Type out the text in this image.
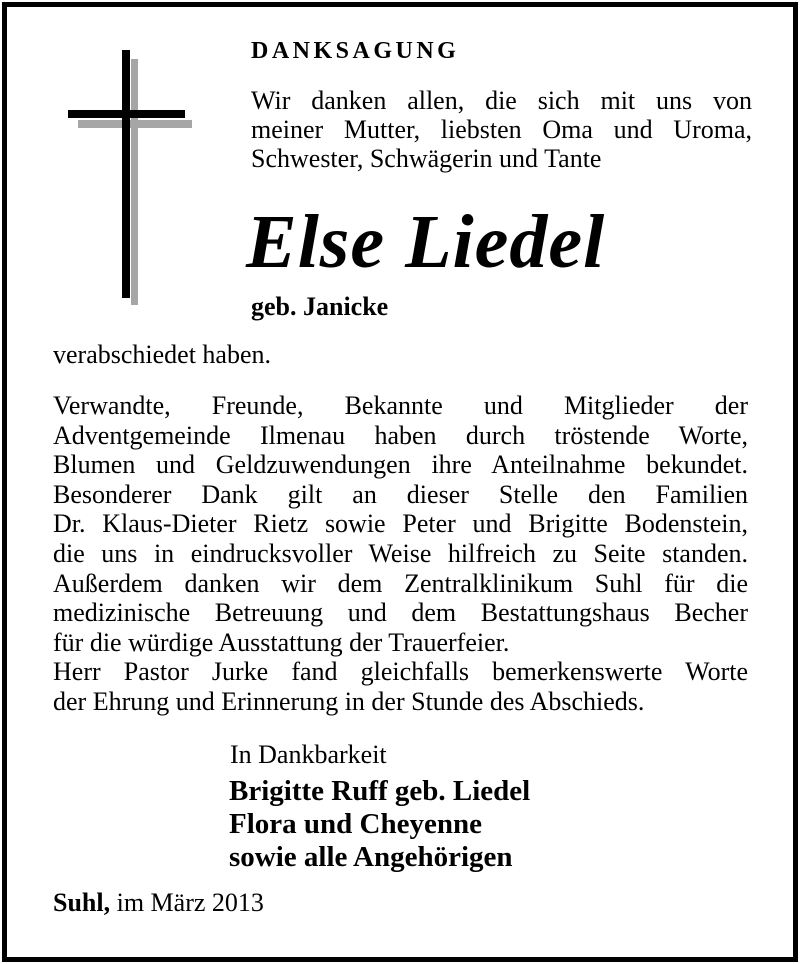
DANKSAGUNG
Wir danken allen, die sich mit uns von
meiner Mutter, liebsten Oma und Uroma,
Schwester, Schwägerin und Tante
Else Liedel
geb. Janicke
verabschiedet haben.
Verwandte, Freunde, Bekannte und Mitglieder der
Adventgemeinde Ilmenau haben durch tröstende Worte,
Blumen und Geldzuwendungen ihre Anteilnahme bekundet.
Besonderer Dank gilt an dieser Stelle den Familien
Dr. Klaus-Dieter Rietz sowie Peter und Brigitte Bodenstein,
die uns in eindrucksvoller Weise hilfreich zu Seite standen.
Außerdem danken wir dem Zentralklinikum Suhl für die
medizinische Betreuung und dem Bestattungshaus Becher
für die würdige Ausstattung der Trauerfeier.
Herr Pastor Jurke fand gleichfalls bemerkenswerte Worte
der Ehrung und Erinnerung in der Stunde des Abschieds.
In Dankbarkeit
Brigitte Ruff geb. Liedel
Flora und Cheyenne
sowie alle Angehörigen
Suhl, im März 2013
